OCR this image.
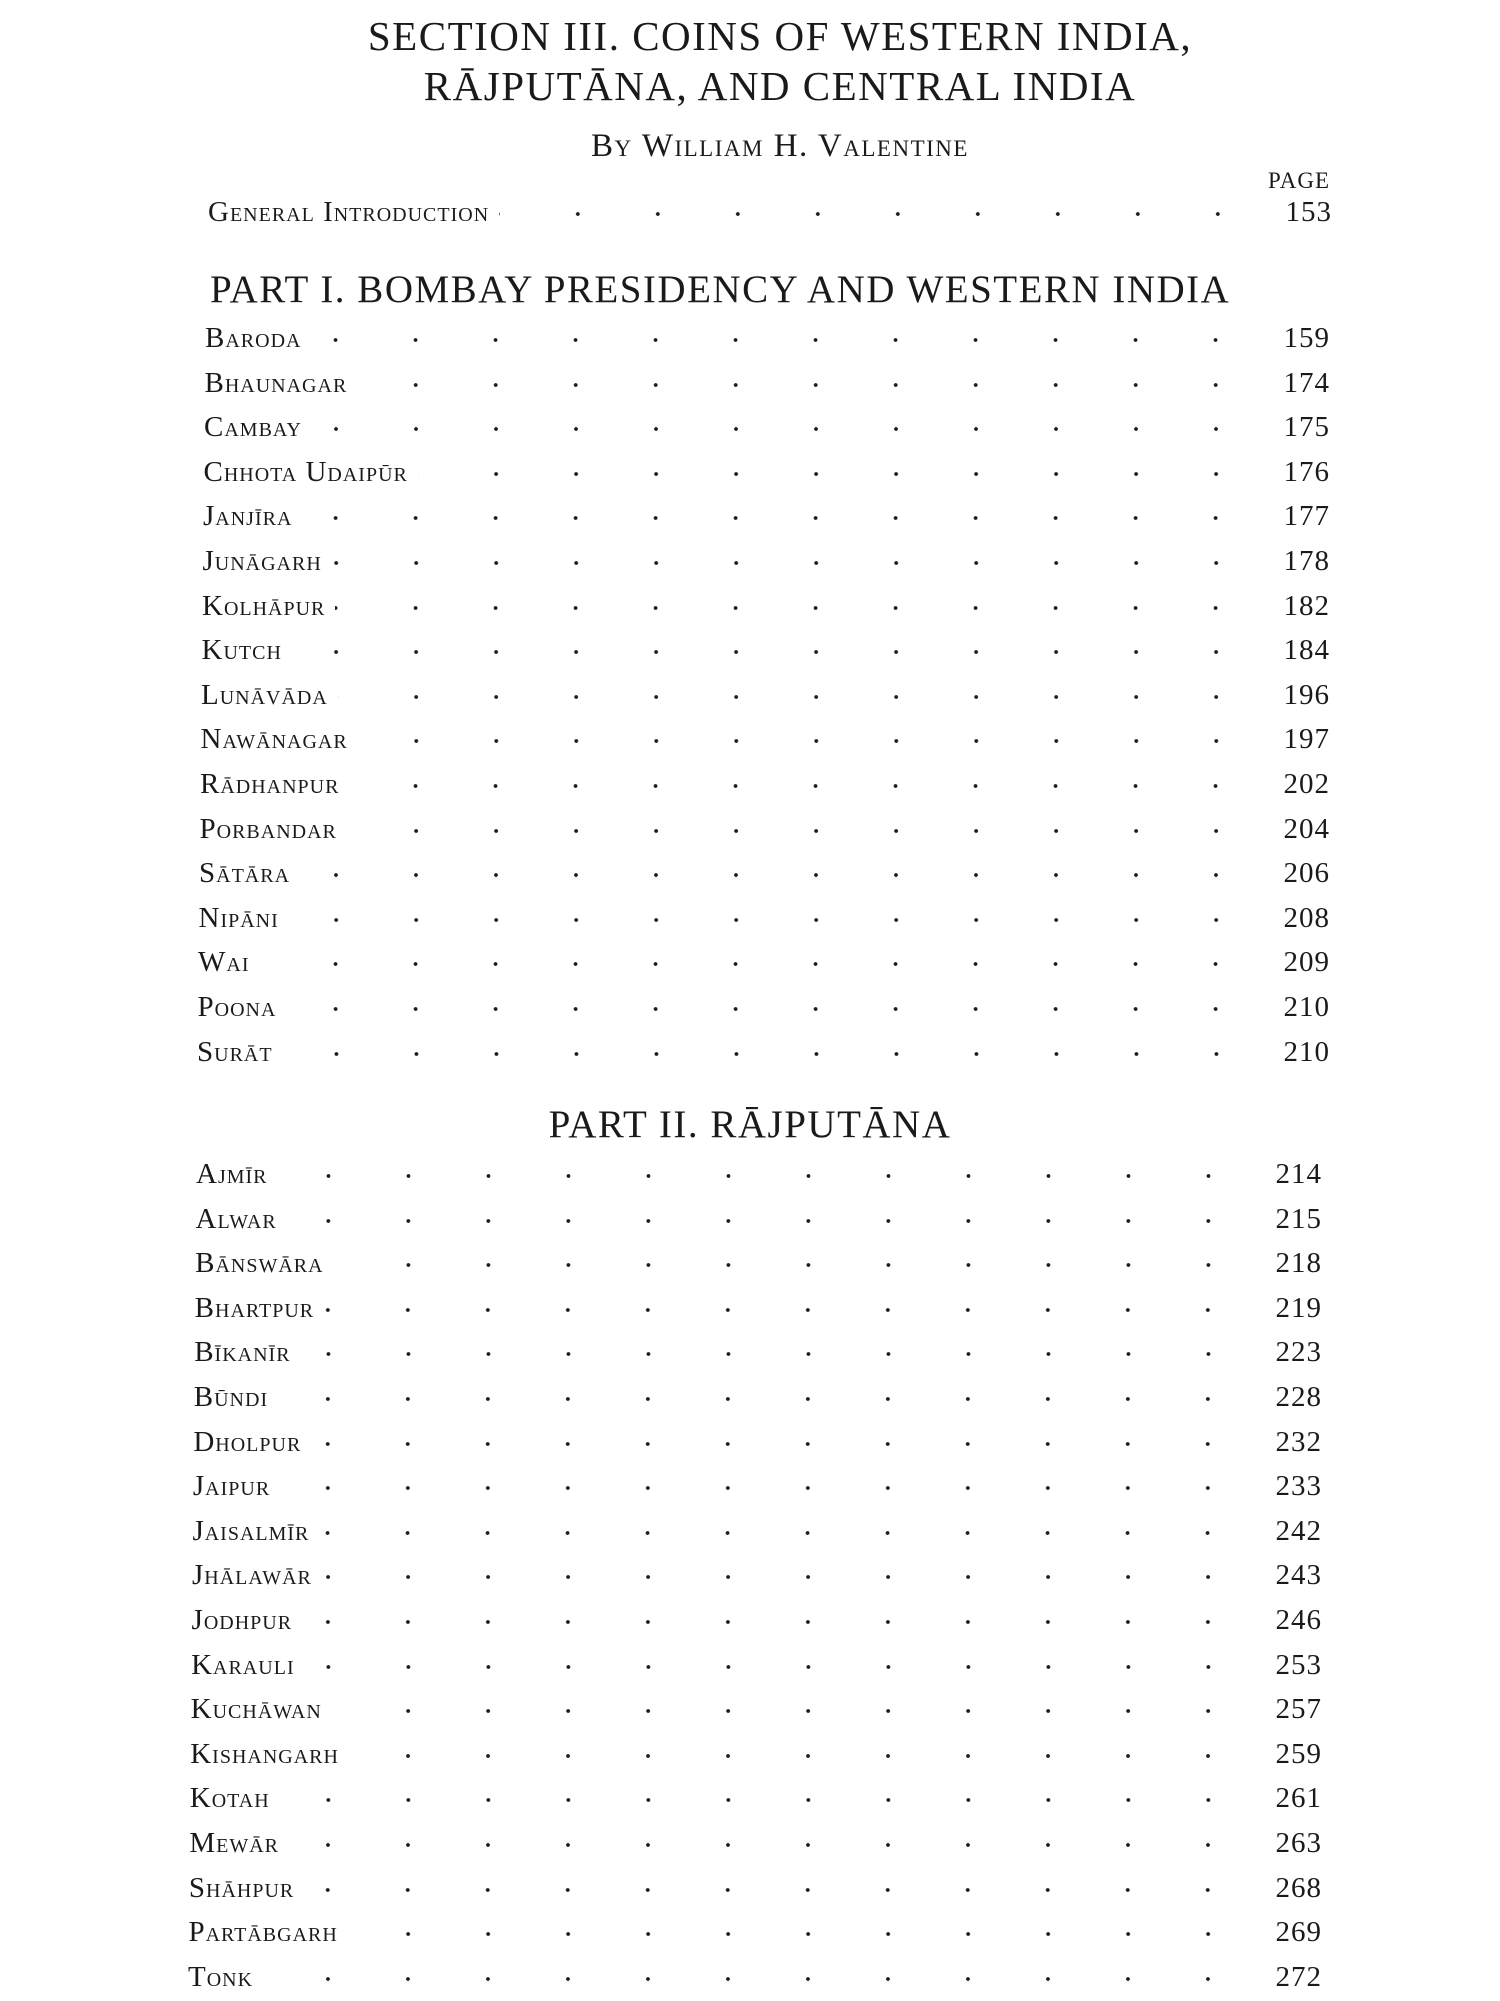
SECTION III. COINS OF WESTERN INDIA,
RĀJPUTĀNA, AND CENTRAL INDIA
By William H. Valentine
PAGE
General Introduction	153
PART I. BOMBAY PRESIDENCY AND WESTERN INDIA
Baroda	159
Bhaunagar	174
Cambay	175
Chhota Udaipūr	176
Janjīra	177
Junāgarh	178
Kolhāpur	182
Kutch	184
Lunāvāda	196
Nawānagar	197
Rādhanpur	202
Porbandar	204
Sātāra	206
Nipāni	208
Wai	209
Poona	210
Surāt	210
PART II. RĀJPUTĀNA
Ajmīr	214
Alwar	215
Bānswāra	218
Bhartpur	219
Bīkanīr	223
Būndi	228
Dholpur	232
Jaipur	233
Jaisalmīr	242
Jhālawār	243
Jodhpur	246
Karauli	253
Kuchāwan	257
Kishangarh	259
Kotah	261
Mewār	263
Shāhpur	268
Partābgarh	269
Tonk	272
